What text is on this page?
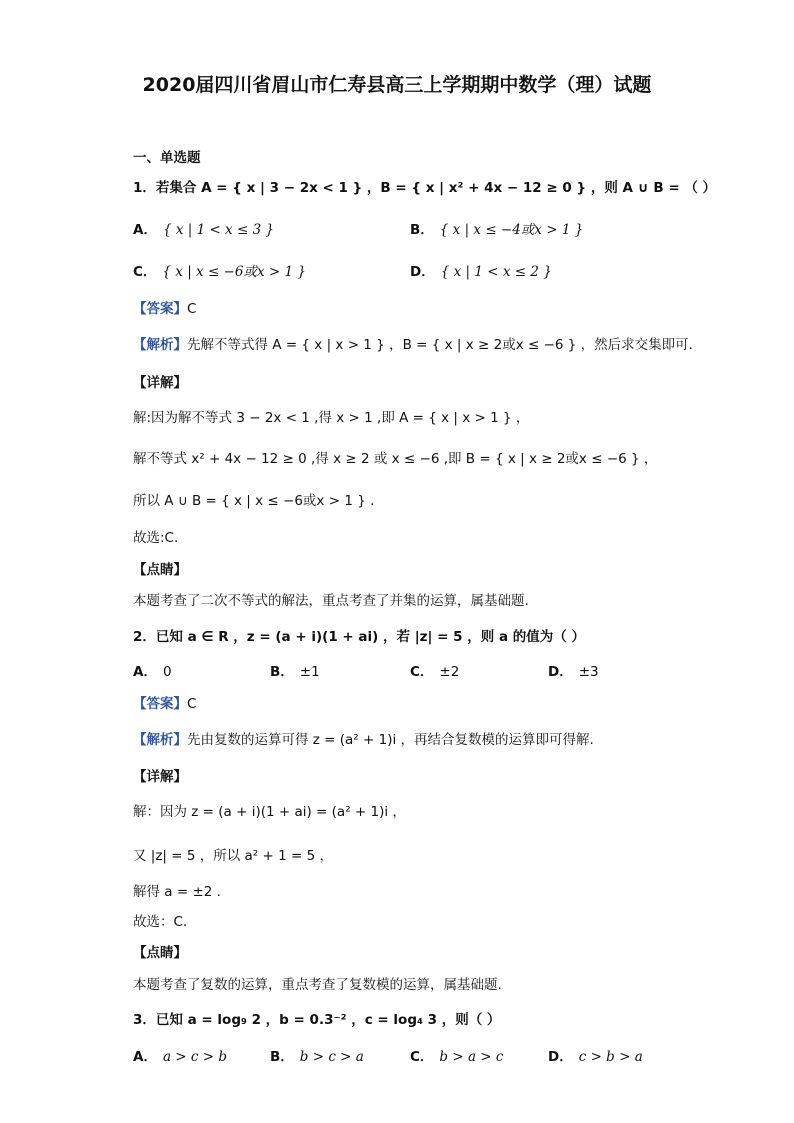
2020届四川省眉山市仁寿县高三上学期期中数学（理）试题
一、单选题
1．若集合 A = { x | 3 − 2x < 1 } ，B = { x | x² + 4x − 12 ≥ 0 } ，则 A ∪ B = （ ）
A． { x | 1 < x ≤ 3 }	B． { x | x ≤ −4或x > 1 }
C． { x | x ≤ −6或x > 1 }	D． { x | 1 < x ≤ 2 }
【答案】C
【解析】先解不等式得 A = { x | x > 1 } ，B = { x | x ≥ 2或x ≤ −6 } ，然后求交集即可.
【详解】
解:因为解不等式 3 − 2x < 1 ,得 x > 1 ,即 A = { x | x > 1 } ，
解不等式 x² + 4x − 12 ≥ 0 ,得 x ≥ 2 或 x ≤ −6 ,即 B = { x | x ≥ 2或x ≤ −6 } ，
所以 A ∪ B = { x | x ≤ −6或x > 1 } .
故选:C.
【点睛】
本题考查了二次不等式的解法，重点考查了并集的运算，属基础题.
2．已知 a ∈ R ，z = (a + i)(1 + ai) ，若 |z| = 5 ，则 a 的值为（ ）
A． 0	B． ±1	C． ±2	D． ±3
【答案】C
【解析】先由复数的运算可得 z = (a² + 1)i ，再结合复数模的运算即可得解.
【详解】
解：因为 z = (a + i)(1 + ai) = (a² + 1)i ，
又 |z| = 5 ，所以 a² + 1 = 5 ，
解得 a = ±2 .
故选：C.
【点睛】
本题考查了复数的运算，重点考查了复数模的运算，属基础题.
3．已知 a = log₉ 2 ，b = 0.3⁻² ，c = log₄ 3 ，则（ ）
A． a > c > b	B． b > c > a	C． b > a > c	D． c > b > a
